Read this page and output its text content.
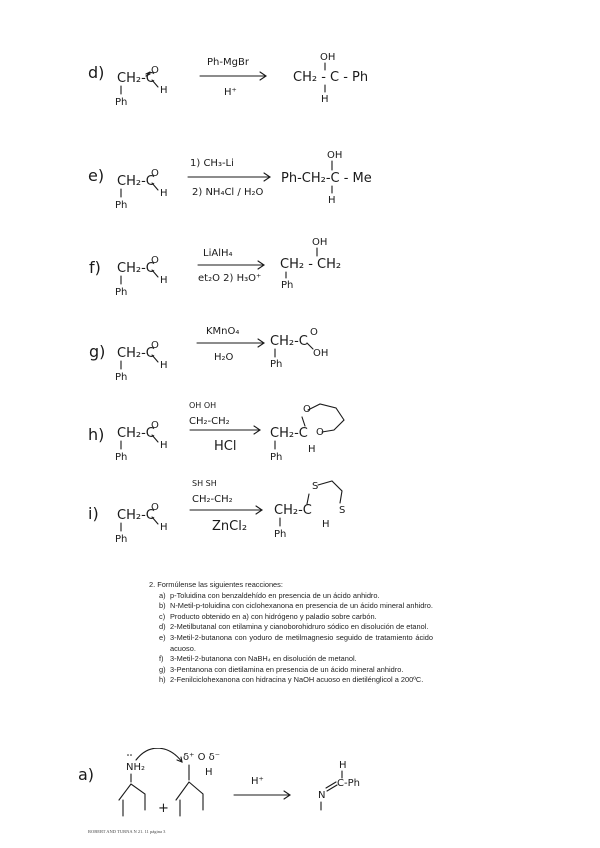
d) CH₂-C
O
H
Ph
Ph-MgBr
H⁺
OH
CH₂ - C - Ph
H
e) CH₂-C
O
H
Ph
1) CH₃-Li
2) NH₄Cl / H₂O
OH
Ph-CH₂-C - Me
H
f) CH₂-C
O
H
Ph
LiAlH₄
et₂O 2) H₃O⁺
OH
CH₂ - CH₂
Ph
g) CH₂-C
O
H
Ph
KMnO₄
H₂O
CH₂-C
O
OH
Ph
h) CH₂-C
O
H
Ph
OH OH
CH₂-CH₂
HCl
CH₂-C
O
O
H
Ph
i) CH₂-C
O
H
Ph
SH SH
CH₂-CH₂
ZnCl₂
CH₂-C
S
S
H
Ph
2. Formúlense las siguientes reacciones:
a) p-Toluidina con benzaldehído en presencia de un ácido anhidro.
b) N-Metil-p-toluidina con ciclohexanona en presencia de un ácido mineral anhidro.
c) Producto obtenido en a) con hidrógeno y paladio sobre carbón.
d) 2-Metilbutanal con etilamina y cianoborohidruro sódico en disolución de etanol.
e) 3-Metil-2-butanona con yoduro de metilmagnesio seguido de tratamiento ácido acuoso.
f) 3-Metil-2-butanona con NaBH₄ en disolución de metanol.
g) 3-Pentanona con dietilamina en presencia de un ácido mineral anhidro.
h) 2-Fenilciclohexanona con hidracina y NaOH acuoso en dietilénglicol a 200ºC.
a)	NH₂
δ⁺ O δ⁻
H
+
H⁺
H
N
C-Ph
ROBERT AND TURNA N 21. 11 página 3
